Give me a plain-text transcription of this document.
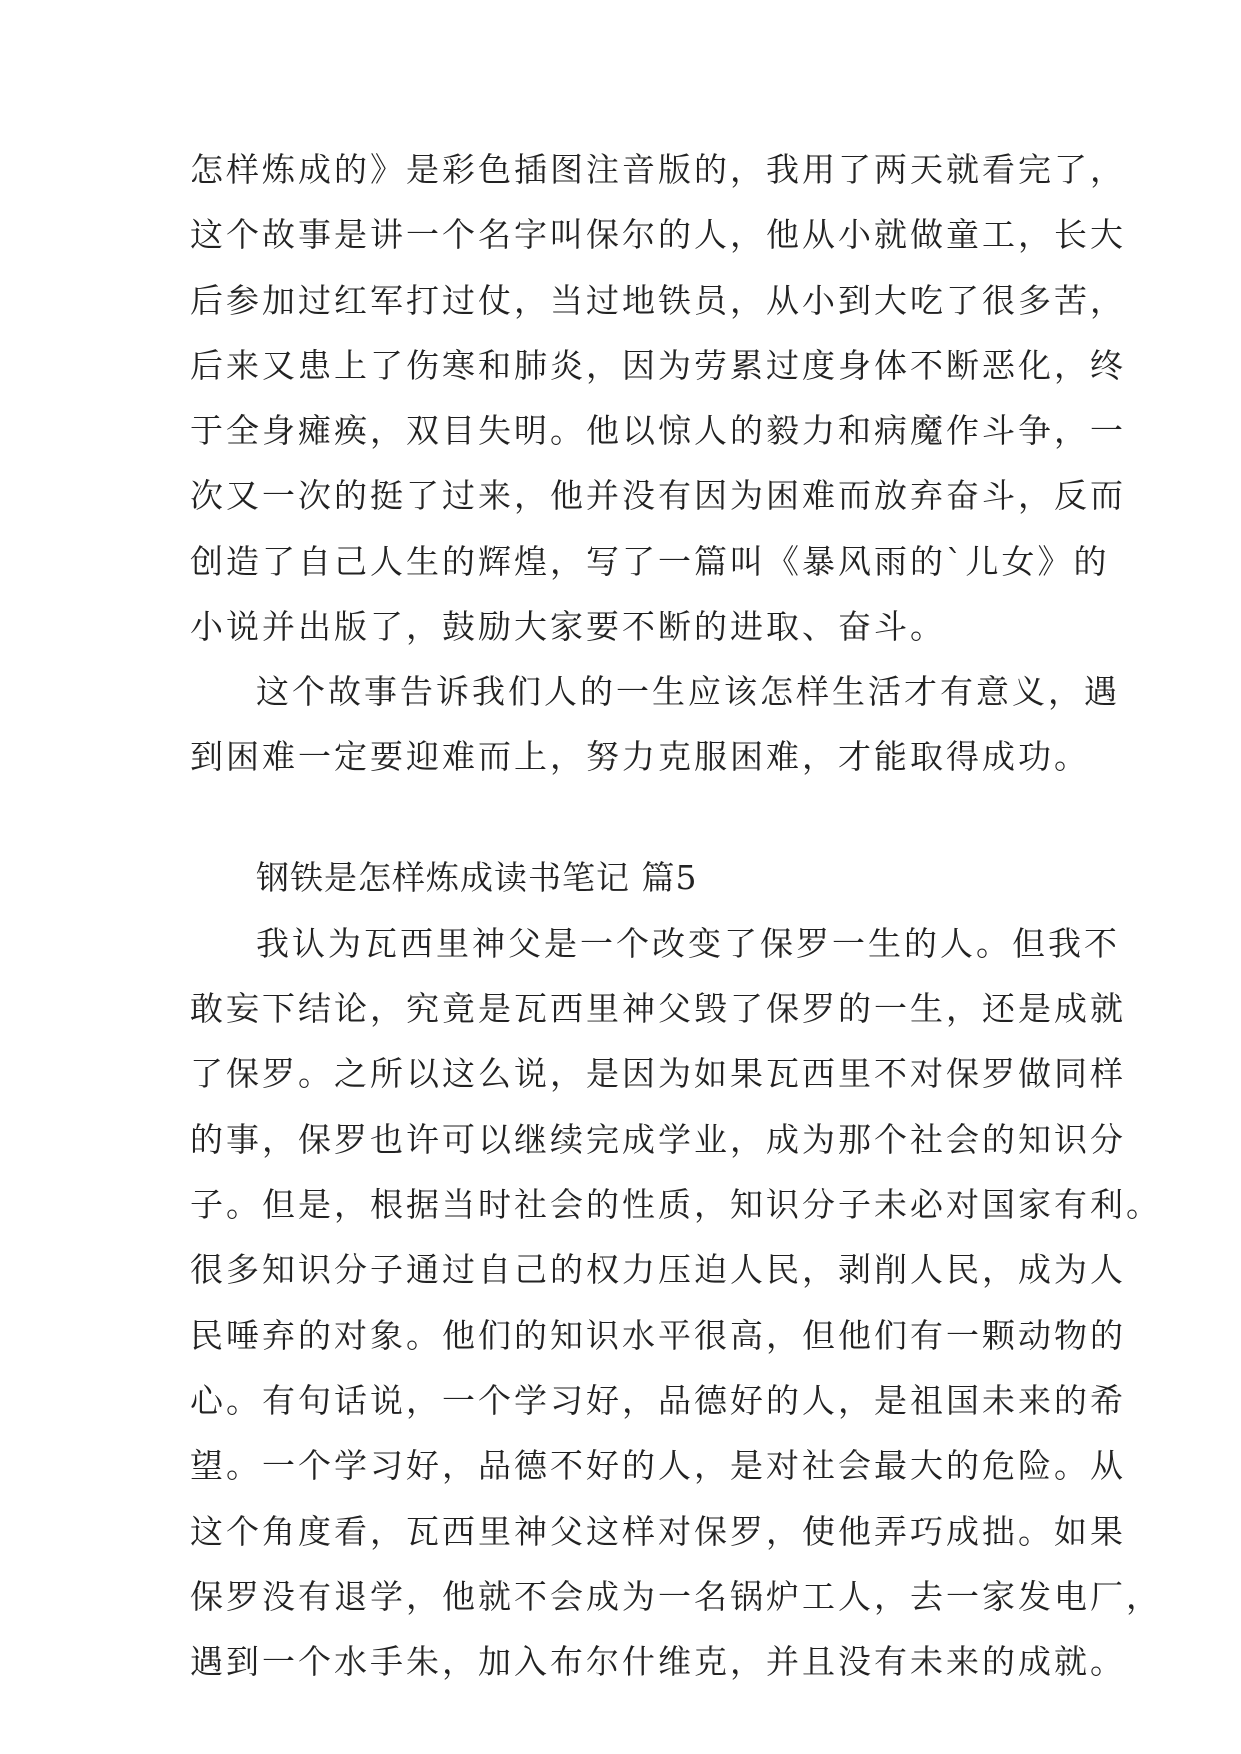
怎样炼成的》是彩色插图注音版的，我用了两天就看完了，
这个故事是讲一个名字叫保尔的人，他从小就做童工，长大
后参加过红军打过仗，当过地铁员，从小到大吃了很多苦，
后来又患上了伤寒和肺炎，因为劳累过度身体不断恶化，终
于全身瘫痪，双目失明。他以惊人的毅力和病魔作斗争，一
次又一次的挺了过来，他并没有因为困难而放弃奋斗，反而
创造了自己人生的辉煌，写了一篇叫《暴风雨的`儿女》的
小说并出版了，鼓励大家要不断的进取、奋斗。
这个故事告诉我们人的一生应该怎样生活才有意义，遇
到困难一定要迎难而上，努力克服困难，才能取得成功。
钢铁是怎样炼成读书笔记 篇5
我认为瓦西里神父是一个改变了保罗一生的人。但我不
敢妄下结论，究竟是瓦西里神父毁了保罗的一生，还是成就
了保罗。之所以这么说，是因为如果瓦西里不对保罗做同样
的事，保罗也许可以继续完成学业，成为那个社会的知识分
子。但是，根据当时社会的性质，知识分子未必对国家有利。
很多知识分子通过自己的权力压迫人民，剥削人民，成为人
民唾弃的对象。他们的知识水平很高，但他们有一颗动物的
心。有句话说，一个学习好，品德好的人，是祖国未来的希
望。一个学习好，品德不好的人，是对社会最大的危险。从
这个角度看，瓦西里神父这样对保罗，使他弄巧成拙。如果
保罗没有退学，他就不会成为一名锅炉工人，去一家发电厂，
遇到一个水手朱，加入布尔什维克，并且没有未来的成就。
